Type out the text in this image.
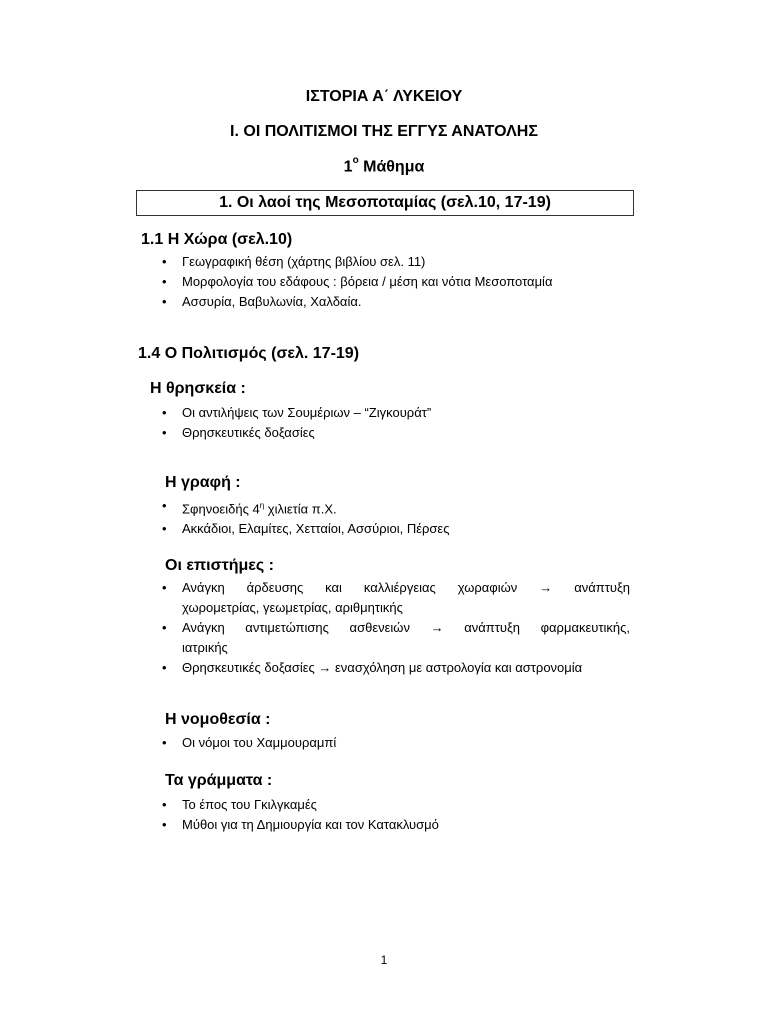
ΙΣΤΟΡΙΑ Α΄ ΛΥΚΕΙΟΥ
Ι. ΟΙ ΠΟΛΙΤΙΣΜΟΙ ΤΗΣ ΕΓΓΥΣ ΑΝΑΤΟΛΗΣ
$1^o$ Μάθημα
1. Οι λαοί της Μεσοποταμίας (σελ.10, 17-19)
1.1 Η Χώρα (σελ.10)
• Γεωγραφική θέση (χάρτης βιβλίου σελ. 11)
• Μορφολογία του εδάφους : βόρεια / μέση και νότια Μεσοποταμία
• Ασσυρία, Βαβυλωνία, Χαλδαία.
1.4 Ο Πολιτισμός (σελ. 17-19)
Η θρησκεία :
• Οι αντιλήψεις των Σουμέριων – “Ζιγκουράτ”
• Θρησκευτικές δοξασίες
Η γραφή :
• Σφηνοειδής $4^\eta$ χιλιετία π.Χ.
• Ακκάδιοι, Ελαμίτες, Χετταίοι, Ασσύριοι, Πέρσες
Οι επιστήμες :
• Ανάγκη άρδευσης και καλλιέργειας χωραφιών → ανάπτυξη
χωρομετρίας, γεωμετρίας, αριθμητικής
• Ανάγκη αντιμετώπισης ασθενειών → ανάπτυξη φαρμακευτικής,
ιατρικής
• Θρησκευτικές δοξασίες → ενασχόληση με αστρολογία και αστρονομία
Η νομοθεσία :
• Οι νόμοι του Χαμμουραμπί
Τα γράμματα :
• Το έπος του Γκιλγκαμές
• Μύθοι για τη Δημιουργία και τον Κατακλυσμό
1
